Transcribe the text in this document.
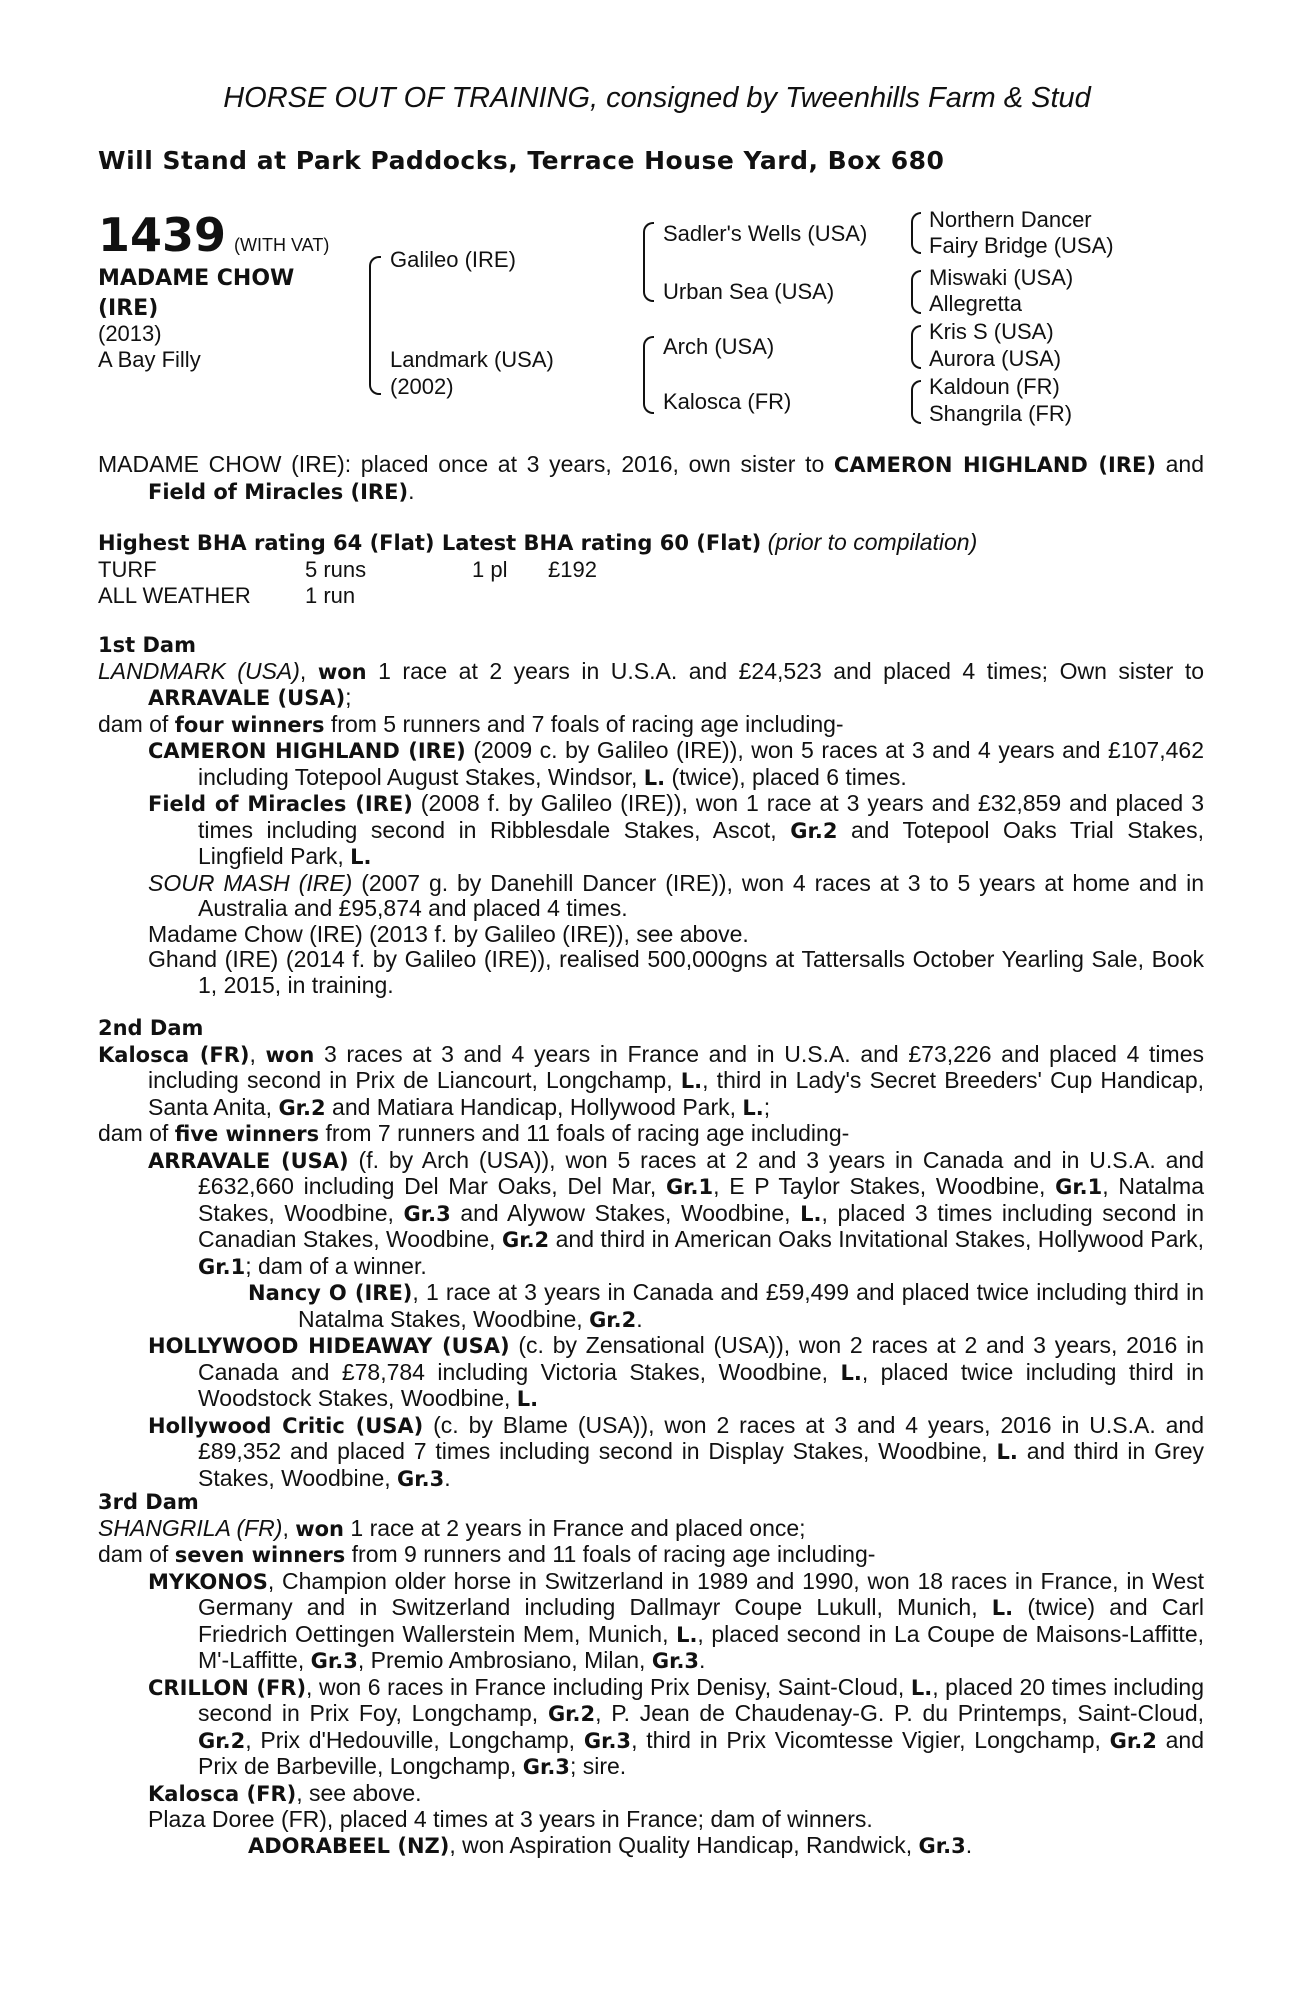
HORSE OUT OF TRAINING, consigned by Tweenhills Farm & Stud
Will Stand at Park Paddocks, Terrace House Yard, Box 680
1439 (WITH VAT)
MADAME CHOW
(IRE)
(2013)
A Bay Filly
Galileo (IRE)
Landmark (USA)
(2002)
Sadler's Wells (USA)
Urban Sea (USA)
Arch (USA)
Kalosca (FR)
Northern Dancer
Fairy Bridge (USA)
Miswaki (USA)
Allegretta
Kris S (USA)
Aurora (USA)
Kaldoun (FR)
Shangrila (FR)

MADAME CHOW (IRE): placed once at 3 years, 2016, own sister to CAMERON HIGHLAND (IRE) and Field of Miracles (IRE).

Highest BHA rating 64 (Flat) Latest BHA rating 60 (Flat) (prior to compilation)

TURF	5 runs	1 pl £192
ALL WEATHER 1 run

1st Dam

LANDMARK (USA), won 1 race at 2 years in U.S.A. and £24,523 and placed 4 times; Own sister to ARRAVALE (USA);

dam of four winners from 5 runners and 7 foals of racing age including-

CAMERON HIGHLAND (IRE) (2009 c. by Galileo (IRE)), won 5 races at 3 and 4 years and £107,462 including Totepool August Stakes, Windsor, L. (twice), placed 6 times.

Field of Miracles (IRE) (2008 f. by Galileo (IRE)), won 1 race at 3 years and £32,859 and placed 3 times including second in Ribblesdale Stakes, Ascot, Gr.2 and Totepool Oaks Trial Stakes, Lingfield Park, L.

SOUR MASH (IRE) (2007 g. by Danehill Dancer (IRE)), won 4 races at 3 to 5 years at home and in Australia and £95,874 and placed 4 times.

Madame Chow (IRE) (2013 f. by Galileo (IRE)), see above.

Ghand (IRE) (2014 f. by Galileo (IRE)), realised 500,000gns at Tattersalls October Yearling Sale, Book 1, 2015, in training.

2nd Dam

Kalosca (FR), won 3 races at 3 and 4 years in France and in U.S.A. and £73,226 and placed 4 times including second in Prix de Liancourt, Longchamp, L., third in Lady's Secret Breeders' Cup Handicap, Santa Anita, Gr.2 and Matiara Handicap, Hollywood Park, L.;

dam of five winners from 7 runners and 11 foals of racing age including-

ARRAVALE (USA) (f. by Arch (USA)), won 5 races at 2 and 3 years in Canada and in U.S.A. and £632,660 including Del Mar Oaks, Del Mar, Gr.1, E P Taylor Stakes, Woodbine, Gr.1, Natalma Stakes, Woodbine, Gr.3 and Alywow Stakes, Woodbine, L., placed 3 times including second in Canadian Stakes, Woodbine, Gr.2 and third in American Oaks Invitational Stakes, Hollywood Park, Gr.1; dam of a winner.

Nancy O (IRE), 1 race at 3 years in Canada and £59,499 and placed twice including third in Natalma Stakes, Woodbine, Gr.2.

HOLLYWOOD HIDEAWAY (USA) (c. by Zensational (USA)), won 2 races at 2 and 3 years, 2016 in Canada and £78,784 including Victoria Stakes, Woodbine, L., placed twice including third in Woodstock Stakes, Woodbine, L.

Hollywood Critic (USA) (c. by Blame (USA)), won 2 races at 3 and 4 years, 2016 in U.S.A. and £89,352 and placed 7 times including second in Display Stakes, Woodbine, L. and third in Grey Stakes, Woodbine, Gr.3.

3rd Dam

SHANGRILA (FR), won 1 race at 2 years in France and placed once;

dam of seven winners from 9 runners and 11 foals of racing age including-

MYKONOS, Champion older horse in Switzerland in 1989 and 1990, won 18 races in France, in West Germany and in Switzerland including Dallmayr Coupe Lukull, Munich, L. (twice) and Carl Friedrich Oettingen Wallerstein Mem, Munich, L., placed second in La Coupe de Maisons-Laffitte, M'-Laffitte, Gr.3, Premio Ambrosiano, Milan, Gr.3.

CRILLON (FR), won 6 races in France including Prix Denisy, Saint-Cloud, L., placed 20 times including second in Prix Foy, Longchamp, Gr.2, P. Jean de Chaudenay-G. P. du Printemps, Saint-Cloud, Gr.2, Prix d'Hedouville, Longchamp, Gr.3, third in Prix Vicomtesse Vigier, Longchamp, Gr.2 and Prix de Barbeville, Longchamp, Gr.3; sire.

Kalosca (FR), see above.

Plaza Doree (FR), placed 4 times at 3 years in France; dam of winners.

ADORABEEL (NZ), won Aspiration Quality Handicap, Randwick, Gr.3.
